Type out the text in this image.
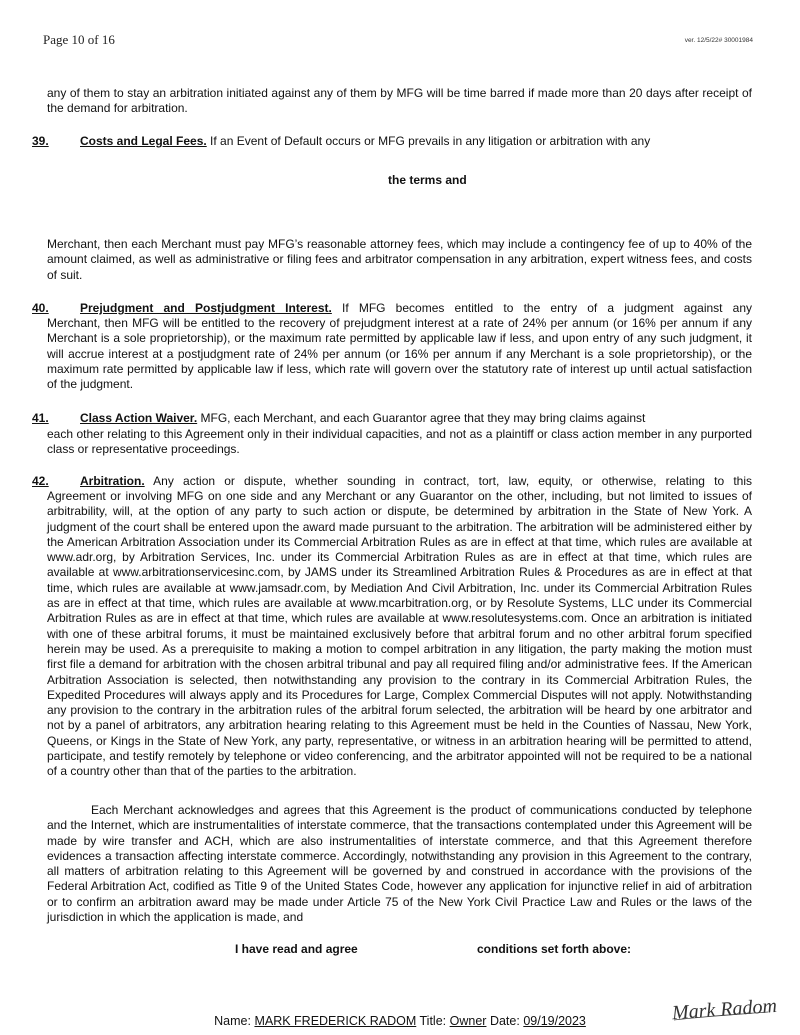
Page 10 of 16	ver. 12/5/22# 30001984

any of them to stay an arbitration initiated against any of them by MFG will be time barred if made more than 20 days after receipt of the demand for arbitration.

39.	Costs and Legal Fees. If an Event of Default occurs or MFG prevails in any litigation or arbitration with any

the terms and

Merchant, then each Merchant must pay MFG’s reasonable attorney fees, which may include a contingency fee of up to 40% of the amount claimed, as well as administrative or filing fees and arbitrator compensation in any arbitration, expert witness fees, and costs of suit.

40.	Prejudgment and Postjudgment Interest. If MFG becomes entitled to the entry of a judgment against any

Merchant, then MFG will be entitled to the recovery of prejudgment interest at a rate of 24% per annum (or 16% per annum if any Merchant is a sole proprietorship), or the maximum rate permitted by applicable law if less, and upon entry of any such judgment, it will accrue interest at a postjudgment rate of 24% per annum (or 16% per annum if any Merchant is a sole proprietorship), or the maximum rate permitted by applicable law if less, which rate will govern over the statutory rate of interest up until actual satisfaction of the judgment.

41.	Class Action Waiver. MFG, each Merchant, and each Guarantor agree that they may bring claims against

each other relating to this Agreement only in their individual capacities, and not as a plaintiff or class action member in any purported class or representative proceedings.

42.	Arbitration. Any action or dispute, whether sounding in contract, tort, law, equity, or otherwise, relating to this

Agreement or involving MFG on one side and any Merchant or any Guarantor on the other, including, but not limited to issues of arbitrability, will, at the option of any party to such action or dispute, be determined by arbitration in the State of New York. A judgment of the court shall be entered upon the award made pursuant to the arbitration. The arbitration will be administered either by the American Arbitration Association under its Commercial Arbitration Rules as are in effect at that time, which rules are available at www.adr.org, by Arbitration Services, Inc. under its Commercial Arbitration Rules as are in effect at that time, which rules are available at www.arbitrationservicesinc.com, by JAMS under its Streamlined Arbitration Rules & Procedures as are in effect at that time, which rules are available at www.jamsadr.com, by Mediation And Civil Arbitration, Inc. under its Commercial Arbitration Rules as are in effect at that time, which rules are available at www.mcarbitration.org, or by Resolute Systems, LLC under its Commercial Arbitration Rules as are in effect at that time, which rules are available at www.resolutesystems.com. Once an arbitration is initiated with one of these arbitral forums, it must be maintained exclusively before that arbitral forum and no other arbitral forum specified herein may be used. As a prerequisite to making a motion to compel arbitration in any litigation, the party making the motion must first file a demand for arbitration with the chosen arbitral tribunal and pay all required filing and/or administrative fees. If the American Arbitration Association is selected, then notwithstanding any provision to the contrary in its Commercial Arbitration Rules, the Expedited Procedures will always apply and its Procedures for Large, Complex Commercial Disputes will not apply. Notwithstanding any provision to the contrary in the arbitration rules of the arbitral forum selected, the arbitration will be heard by one arbitrator and not by a panel of arbitrators, any arbitration hearing relating to this Agreement must be held in the Counties of Nassau, New York, Queens, or Kings in the State of New York, any party, representative, or witness in an arbitration hearing will be permitted to attend, participate, and testify remotely by telephone or video conferencing, and the arbitrator appointed will not be required to be a national of a country other than that of the parties to the arbitration.

Each Merchant acknowledges and agrees that this Agreement is the product of communications conducted by telephone and the Internet, which are instrumentalities of interstate commerce, that the transactions contemplated under this Agreement will be made by wire transfer and ACH, which are also instrumentalities of interstate commerce, and that this Agreement therefore evidences a transaction affecting interstate commerce. Accordingly, notwithstanding any provision in this Agreement to the contrary, all matters of arbitration relating to this Agreement will be governed by and construed in accordance with the provisions of the Federal Arbitration Act, codified as Title 9 of the United States Code, however any application for injunctive relief in aid of arbitration or to confirm an arbitration award may be made under Article 75 of the New York Civil Practice Law and Rules or the laws of the jurisdiction in which the application is made, and

I have read and agree	conditions set forth above:

Mark Radom
Name: MARK FREDERICK RADOM Title: Owner Date: 09/19/2023
